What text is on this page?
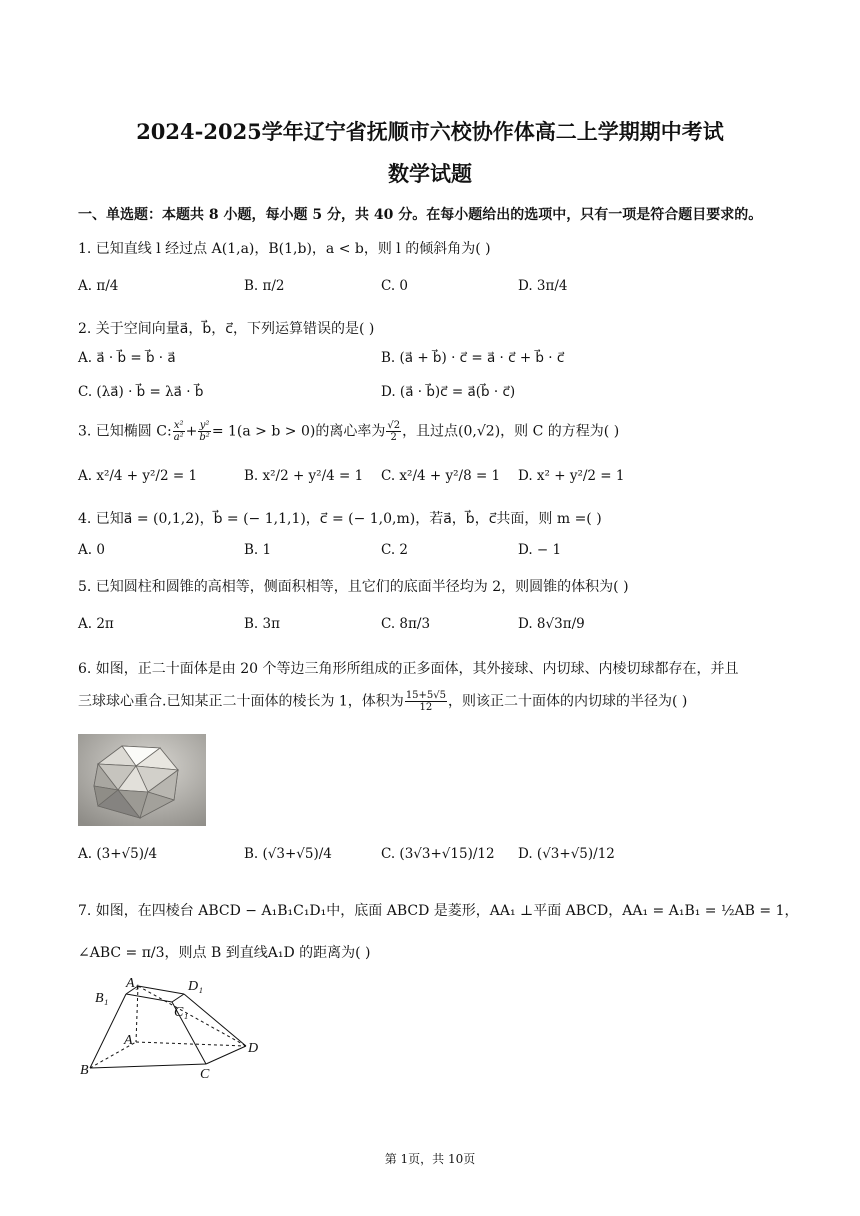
2024-2025学年辽宁省抚顺市六校协作体高二上学期期中考试
数学试题
一、单选题：本题共 8 小题，每小题 5 分，共 40 分。在每小题给出的选项中，只有一项是符合题目要求的。
1. 已知直线 l 经过点 A(1,a)，B(1,b)，a < b，则 l 的倾斜角为( )
A. π/4	B. π/2	C. 0	D. 3π/4
2. 关于空间向量a⃗，b⃗，c⃗，下列运算错误的是( )
A. a⃗ · b⃗ = b⃗ · a⃗	B. (a⃗ + b⃗) · c⃗ = a⃗ · c⃗ + b⃗ · c⃗
C. (λa⃗) · b⃗ = λa⃗ · b⃗	D. (a⃗ · b⃗)c⃗ = a⃗(b⃗ · c⃗)
3. 已知椭圆 C: $\frac{\text{x²}}{\text{a²}} + \frac{\text{y²}}{\text{b²}} = 1(a > b > 0)$的离心率为 $\frac{√2}{2}$ ，且过点(0,√2)，则 C 的方程为( )
A. x²/4 + y²/2 = 1	B. x²/2 + y²/4 = 1 C. x²/4 + y²/8 = 1 D. x² + y²/2 = 1
4. 已知a⃗ = (0,1,2)，b⃗ = (− 1,1,1)，c⃗ = (− 1,0,m)，若a⃗，b⃗，c⃗共面，则 m =( )
A. 0	B. 1	C. 2	D. − 1
5. 已知圆柱和圆锥的高相等，侧面积相等，且它们的底面半径均为 2，则圆锥的体积为( )
A. 2π	B. 3π	C. 8π/3	D. 8√3π/9
6. 如图，正二十面体是由 20 个等边三角形所组成的正多面体，其外接球、内切球、内棱切球都存在，并且
三球球心重合.已知某正二十面体的棱长为 1，体积为 $\frac{15+5√5}{12}$ ，则该正二十面体的内切球的半径为( )
A. (3+√5)/4	B. (√3+√5)/4	C. (3√3+√15)/12 D. (√3+√5)/12
7. 如图，在四棱台 ABCD − A₁B₁C₁D₁中，底面 ABCD 是菱形，AA₁ ⊥平面 ABCD，AA₁ = A₁B₁ = ½AB = 1，
∠ABC = π/3，则点 B 到直线A₁D 的距离为( )
A₁
B₁
C₁
D₁
A
B	C
D
第 1页，共 10页
